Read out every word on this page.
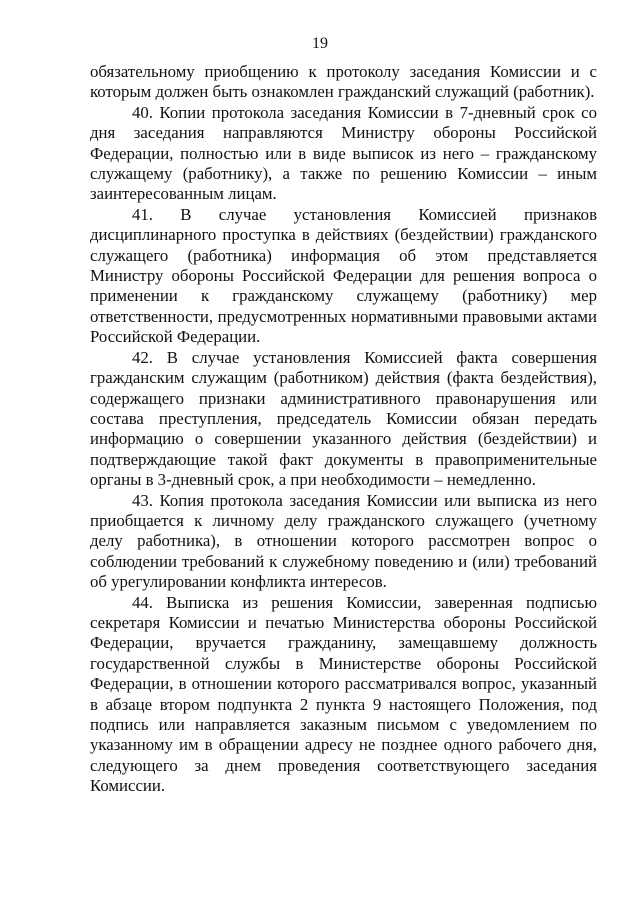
19

обязательному приобщению к протоколу заседания Комиссии и с которым должен быть ознакомлен гражданский служащий (работник).

40. Копии протокола заседания Комиссии в 7-дневный срок со дня заседания направляются Министру обороны Российской Федерации, полностью или в виде выписок из него – гражданскому служащему (работнику), а также по решению Комиссии – иным заинтересованным лицам.

41. В случае установления Комиссией признаков дисциплинарного проступка в действиях (бездействии) гражданского служащего (работника) информация об этом представляется Министру обороны Российской Федерации для решения вопроса о применении к гражданскому служащему (работнику) мер ответственности, предусмотренных нормативными правовыми актами Российской Федерации.

42. В случае установления Комиссией факта совершения гражданским служащим (работником) действия (факта бездействия), содержащего признаки административного правонарушения или состава преступления, председатель Комиссии обязан передать информацию о совершении указанного действия (бездействии) и подтверждающие такой факт документы в правоприменительные органы в 3-дневный срок, а при необходимости – немедленно.

43. Копия протокола заседания Комиссии или выписка из него приобщается к личному делу гражданского служащего (учетному делу работника), в отношении которого рассмотрен вопрос о соблюдении требований к служебному поведению и (или) требований об урегулировании конфликта интересов.

44. Выписка из решения Комиссии, заверенная подписью секретаря Комиссии и печатью Министерства обороны Российской Федерации, вручается гражданину, замещавшему должность государственной службы в Министерстве обороны Российской Федерации, в отношении которого рассматривался вопрос, указанный в абзаце втором подпункта 2 пункта 9 настоящего Положения, под подпись или направляется заказным письмом с уведомлением по указанному им в обращении адресу не позднее одного рабочего дня, следующего за днем проведения соответствующего заседания Комиссии.
